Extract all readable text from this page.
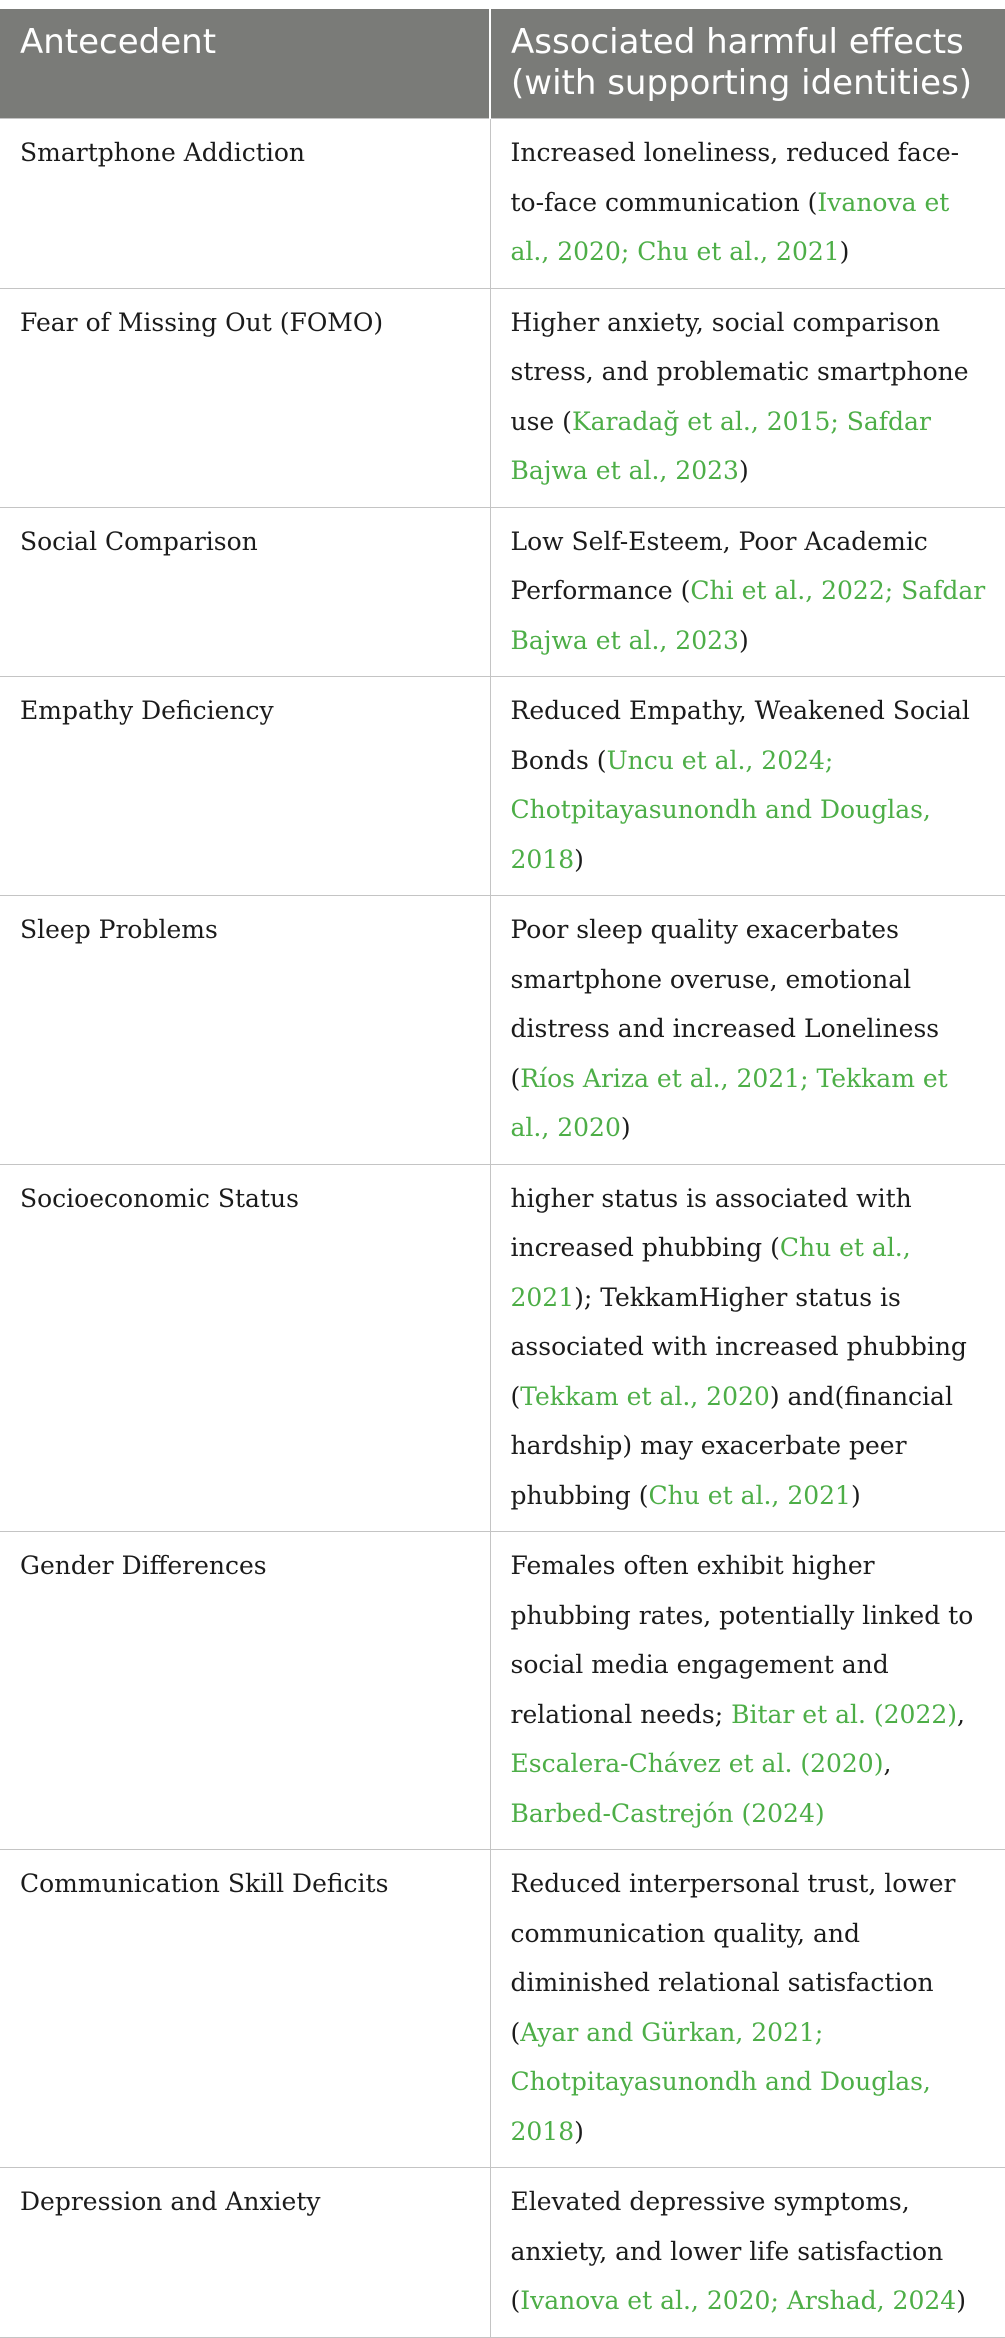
Antecedent	Associated harmful effects (with supporting identities)
Smartphone Addiction	Increased loneliness, reduced face-to-face communication (Ivanova et al., 2020; Chu et al., 2021)
Fear of Missing Out (FOMO)	Higher anxiety, social comparison stress, and problematic smartphone use (Karadağ et al., 2015; Safdar Bajwa et al., 2023)
Social Comparison	Low Self-Esteem, Poor Academic Performance (Chi et al., 2022; Safdar Bajwa et al., 2023)
Empathy Deficiency	Reduced Empathy, Weakened Social Bonds (Uncu et al., 2024; Chotpitayasunondh and Douglas, 2018)
Sleep Problems	Poor sleep quality exacerbates smartphone overuse, emotional distress and increased Loneliness (Ríos Ariza et al., 2021; Tekkam et al., 2020)
Socioeconomic Status	higher status is associated with increased phubbing (Chu et al., 2021); TekkamHigher status is associated with increased phubbing (Tekkam et al., 2020) and(financial hardship) may exacerbate peer phubbing (Chu et al., 2021)
Gender Differences	Females often exhibit higher phubbing rates, potentially linked to social media engagement and relational needs; Bitar et al. (2022), Escalera-Chávez et al. (2020), Barbed-Castrejón (2024)
Communication Skill Deficits	Reduced interpersonal trust, lower communication quality, and diminished relational satisfaction (Ayar and Gürkan, 2021; Chotpitayasunondh and Douglas, 2018)
Depression and Anxiety	Elevated depressive symptoms, anxiety, and lower life satisfaction (Ivanova et al., 2020; Arshad, 2024)
